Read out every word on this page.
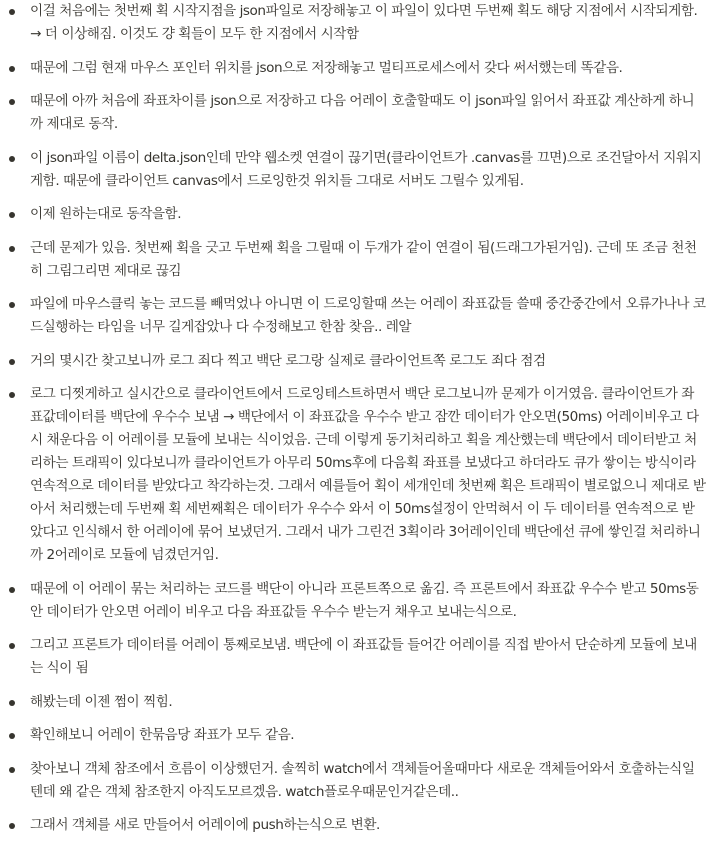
이걸 처음에는 첫번째 획 시작지점을 json파일로 저장해놓고 이 파일이 있다면 두번째 획도 해당 지점에서 시작되게함. → 더 이상해짐. 이것도 걍 획들이 모두 한 지점에서 시작함
때문에 그럼 현재 마우스 포인터 위치를 json으로 저장해놓고 멀티프로세스에서 갖다 써서했는데 똑같음.
때문에 아까 처음에 좌표차이를 json으로 저장하고 다음 어레이 호출할때도 이 json파일 읽어서 좌표값 계산하게 하니까 제대로 동작.
이 json파일 이름이 delta.json인데 만약 웹소켓 연결이 끊기면(클라이언트가 .canvas를 끄면)으로 조건달아서 지워지게함. 때문에 클라이언트 canvas에서 드로잉한것 위치들 그대로 서버도 그릴수 있게됨.
이제 원하는대로 동작을함.
근데 문제가 있음. 첫번째 획을 긋고 두번째 획을 그릴때 이 두개가 같이 연결이 됨(드래그가된거임). 근데 또 조금 천천히 그림그리면 제대로 끊김
파일에 마우스클릭 놓는 코드를 빼먹었나 아니면 이 드로잉할때 쓰는 어레이 좌표값들 쓸때 중간중간에서 오류가나나 코드실행하는 타임을 너무 길게잡았나 다 수정해보고 한참 찾음.. 레알
거의 몇시간 찾고보니까 로그 죄다 찍고 백단 로그랑 실제로 클라이언트쪽 로그도 죄다 점검
로그 디찟게하고 실시간으로 클라이언트에서 드로잉테스트하면서 백단 로그보니까 문제가 이거였음. 클라이언트가 좌표값데이터를 백단에 우수수 보냄 → 백단에서 이 좌표값을 우수수 받고 잠깐 데이터가 안오면(50ms) 어레이비우고 다시 채운다음 이 어레이를 모듈에 보내는 식이었음. 근데 이렇게 동기처리하고 획을 계산했는데 백단에서 데이터받고 처리하는 트래픽이 있다보니까 클라이언트가 아무리 50ms후에 다음획 좌표를 보냈다고 하더라도 큐가 쌓이는 방식이라 연속적으로 데이터를 받았다고 착각하는것. 그래서 예를들어 획이 세개인데 첫번째 획은 트래픽이 별로없으니 제대로 받아서 처리했는데 두번째 획 세번째획은 데이터가 우수수 와서 이 50ms설정이 안먹혀서 이 두 데이터를 연속적으로 받았다고 인식해서 한 어레이에 묶어 보냈던거. 그래서 내가 그린건 3획이라 3어레이인데 백단에선 큐에 쌓인걸 처리하니까 2어레이로 모듈에 넘겼던거임.
때문에 이 어레이 묶는 처리하는 코드를 백단이 아니라 프론트쪽으로 옮김. 즉 프론트에서 좌표값 우수수 받고 50ms동안 데이터가 안오면 어레이 비우고 다음 좌표값들 우수수 받는거 채우고 보내는식으로.
그리고 프론트가 데이터를 어레이 통째로보냄. 백단에 이 좌표값들 들어간 어레이를 직접 받아서 단순하게 모듈에 보내는 식이 됨
해봤는데 이젠 쩜이 찍힘.
확인해보니 어레이 한묶음당 좌표가 모두 같음.
찾아보니 객체 참조에서 흐름이 이상했던거. 솔찍히 watch에서 객체들어올때마다 새로운 객체들어와서 호출하는식일텐데 왜 같은 객체 참조한지 아직도모르겠음. watch플로우때문인거같은데..
그래서 객체를 새로 만들어서 어레이에 push하는식으로 변환.
